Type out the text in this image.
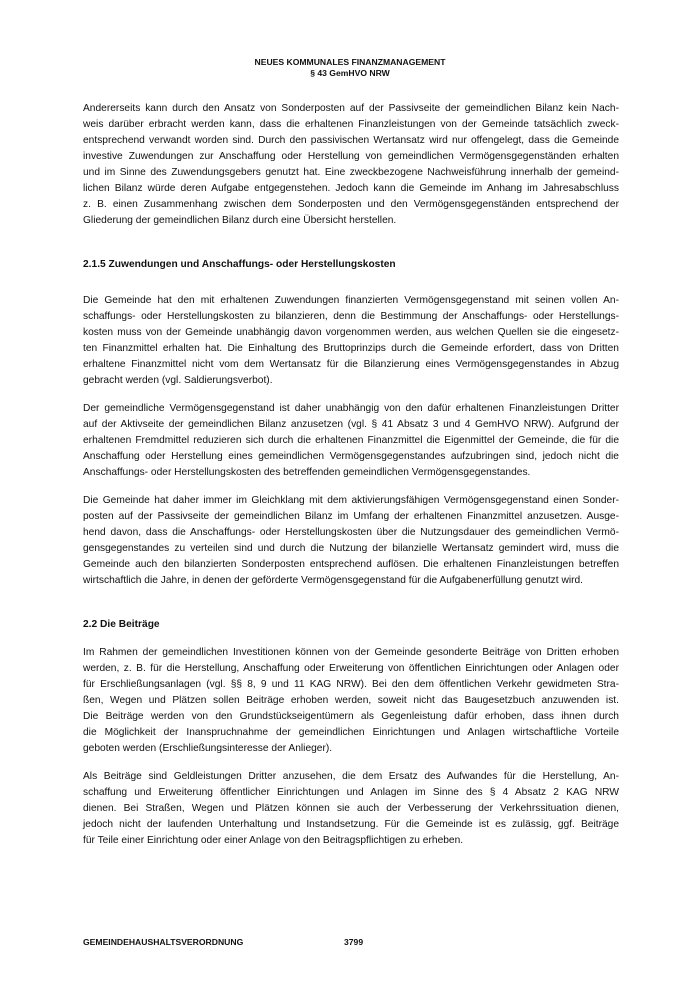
NEUES KOMMUNALES FINANZMANAGEMENT
§ 43 GemHVO NRW

Andererseits kann durch den Ansatz von Sonderposten auf der Passivseite der gemeindlichen Bilanz kein Nach-
weis darüber erbracht werden kann, dass die erhaltenen Finanzleistungen von der Gemeinde tatsächlich zweck-
entsprechend verwandt worden sind. Durch den passivischen Wertansatz wird nur offengelegt, dass die Gemeinde
investive Zuwendungen zur Anschaffung oder Herstellung von gemeindlichen Vermögensgegenständen erhalten
und im Sinne des Zuwendungsgebers genutzt hat. Eine zweckbezogene Nachweisführung innerhalb der gemeind-
lichen Bilanz würde deren Aufgabe entgegenstehen. Jedoch kann die Gemeinde im Anhang im Jahresabschluss
z. B. einen Zusammenhang zwischen dem Sonderposten und den Vermögensgegenständen entsprechend der
Gliederung der gemeindlichen Bilanz durch eine Übersicht herstellen.

2.1.5 Zuwendungen und Anschaffungs- oder Herstellungskosten

Die Gemeinde hat den mit erhaltenen Zuwendungen finanzierten Vermögensgegenstand mit seinen vollen An-
schaffungs- oder Herstellungskosten zu bilanzieren, denn die Bestimmung der Anschaffungs- oder Herstellungs-
kosten muss von der Gemeinde unabhängig davon vorgenommen werden, aus welchen Quellen sie die eingesetz-
ten Finanzmittel erhalten hat. Die Einhaltung des Bruttoprinzips durch die Gemeinde erfordert, dass von Dritten
erhaltene Finanzmittel nicht vom dem Wertansatz für die Bilanzierung eines Vermögensgegenstandes in Abzug
gebracht werden (vgl. Saldierungsverbot).

Der gemeindliche Vermögensgegenstand ist daher unabhängig von den dafür erhaltenen Finanzleistungen Dritter
auf der Aktivseite der gemeindlichen Bilanz anzusetzen (vgl. § 41 Absatz 3 und 4 GemHVO NRW). Aufgrund der
erhaltenen Fremdmittel reduzieren sich durch die erhaltenen Finanzmittel die Eigenmittel der Gemeinde, die für die
Anschaffung oder Herstellung eines gemeindlichen Vermögensgegenstandes aufzubringen sind, jedoch nicht die
Anschaffungs- oder Herstellungskosten des betreffenden gemeindlichen Vermögensgegenstandes.

Die Gemeinde hat daher immer im Gleichklang mit dem aktivierungsfähigen Vermögensgegenstand einen Sonder-
posten auf der Passivseite der gemeindlichen Bilanz im Umfang der erhaltenen Finanzmittel anzusetzen. Ausge-
hend davon, dass die Anschaffungs- oder Herstellungskosten über die Nutzungsdauer des gemeindlichen Vermö-
gensgegenstandes zu verteilen sind und durch die Nutzung der bilanzielle Wertansatz gemindert wird, muss die
Gemeinde auch den bilanzierten Sonderposten entsprechend auflösen. Die erhaltenen Finanzleistungen betreffen
wirtschaftlich die Jahre, in denen der geförderte Vermögensgegenstand für die Aufgabenerfüllung genutzt wird.

2.2 Die Beiträge

Im Rahmen der gemeindlichen Investitionen können von der Gemeinde gesonderte Beiträge von Dritten erhoben
werden, z. B. für die Herstellung, Anschaffung oder Erweiterung von öffentlichen Einrichtungen oder Anlagen oder
für Erschließungsanlagen (vgl. §§ 8, 9 und 11 KAG NRW). Bei den dem öffentlichen Verkehr gewidmeten Stra-
ßen, Wegen und Plätzen sollen Beiträge erhoben werden, soweit nicht das Baugesetzbuch anzuwenden ist.
Die Beiträge werden von den Grundstückseigentümern als Gegenleistung dafür erhoben, dass ihnen durch
die Möglichkeit der Inanspruchnahme der gemeindlichen Einrichtungen und Anlagen wirtschaftliche Vorteile
geboten werden (Erschließungsinteresse der Anlieger).

Als Beiträge sind Geldleistungen Dritter anzusehen, die dem Ersatz des Aufwandes für die Herstellung, An-
schaffung und Erweiterung öffentlicher Einrichtungen und Anlagen im Sinne des § 4 Absatz 2 KAG NRW
dienen. Bei Straßen, Wegen und Plätzen können sie auch der Verbesserung der Verkehrssituation dienen,
jedoch nicht der laufenden Unterhaltung und Instandsetzung. Für die Gemeinde ist es zulässig, ggf. Beiträge
für Teile einer Einrichtung oder einer Anlage von den Beitragspflichtigen zu erheben.

GEMEINDEHAUSHALTSVERORDNUNG	3799
